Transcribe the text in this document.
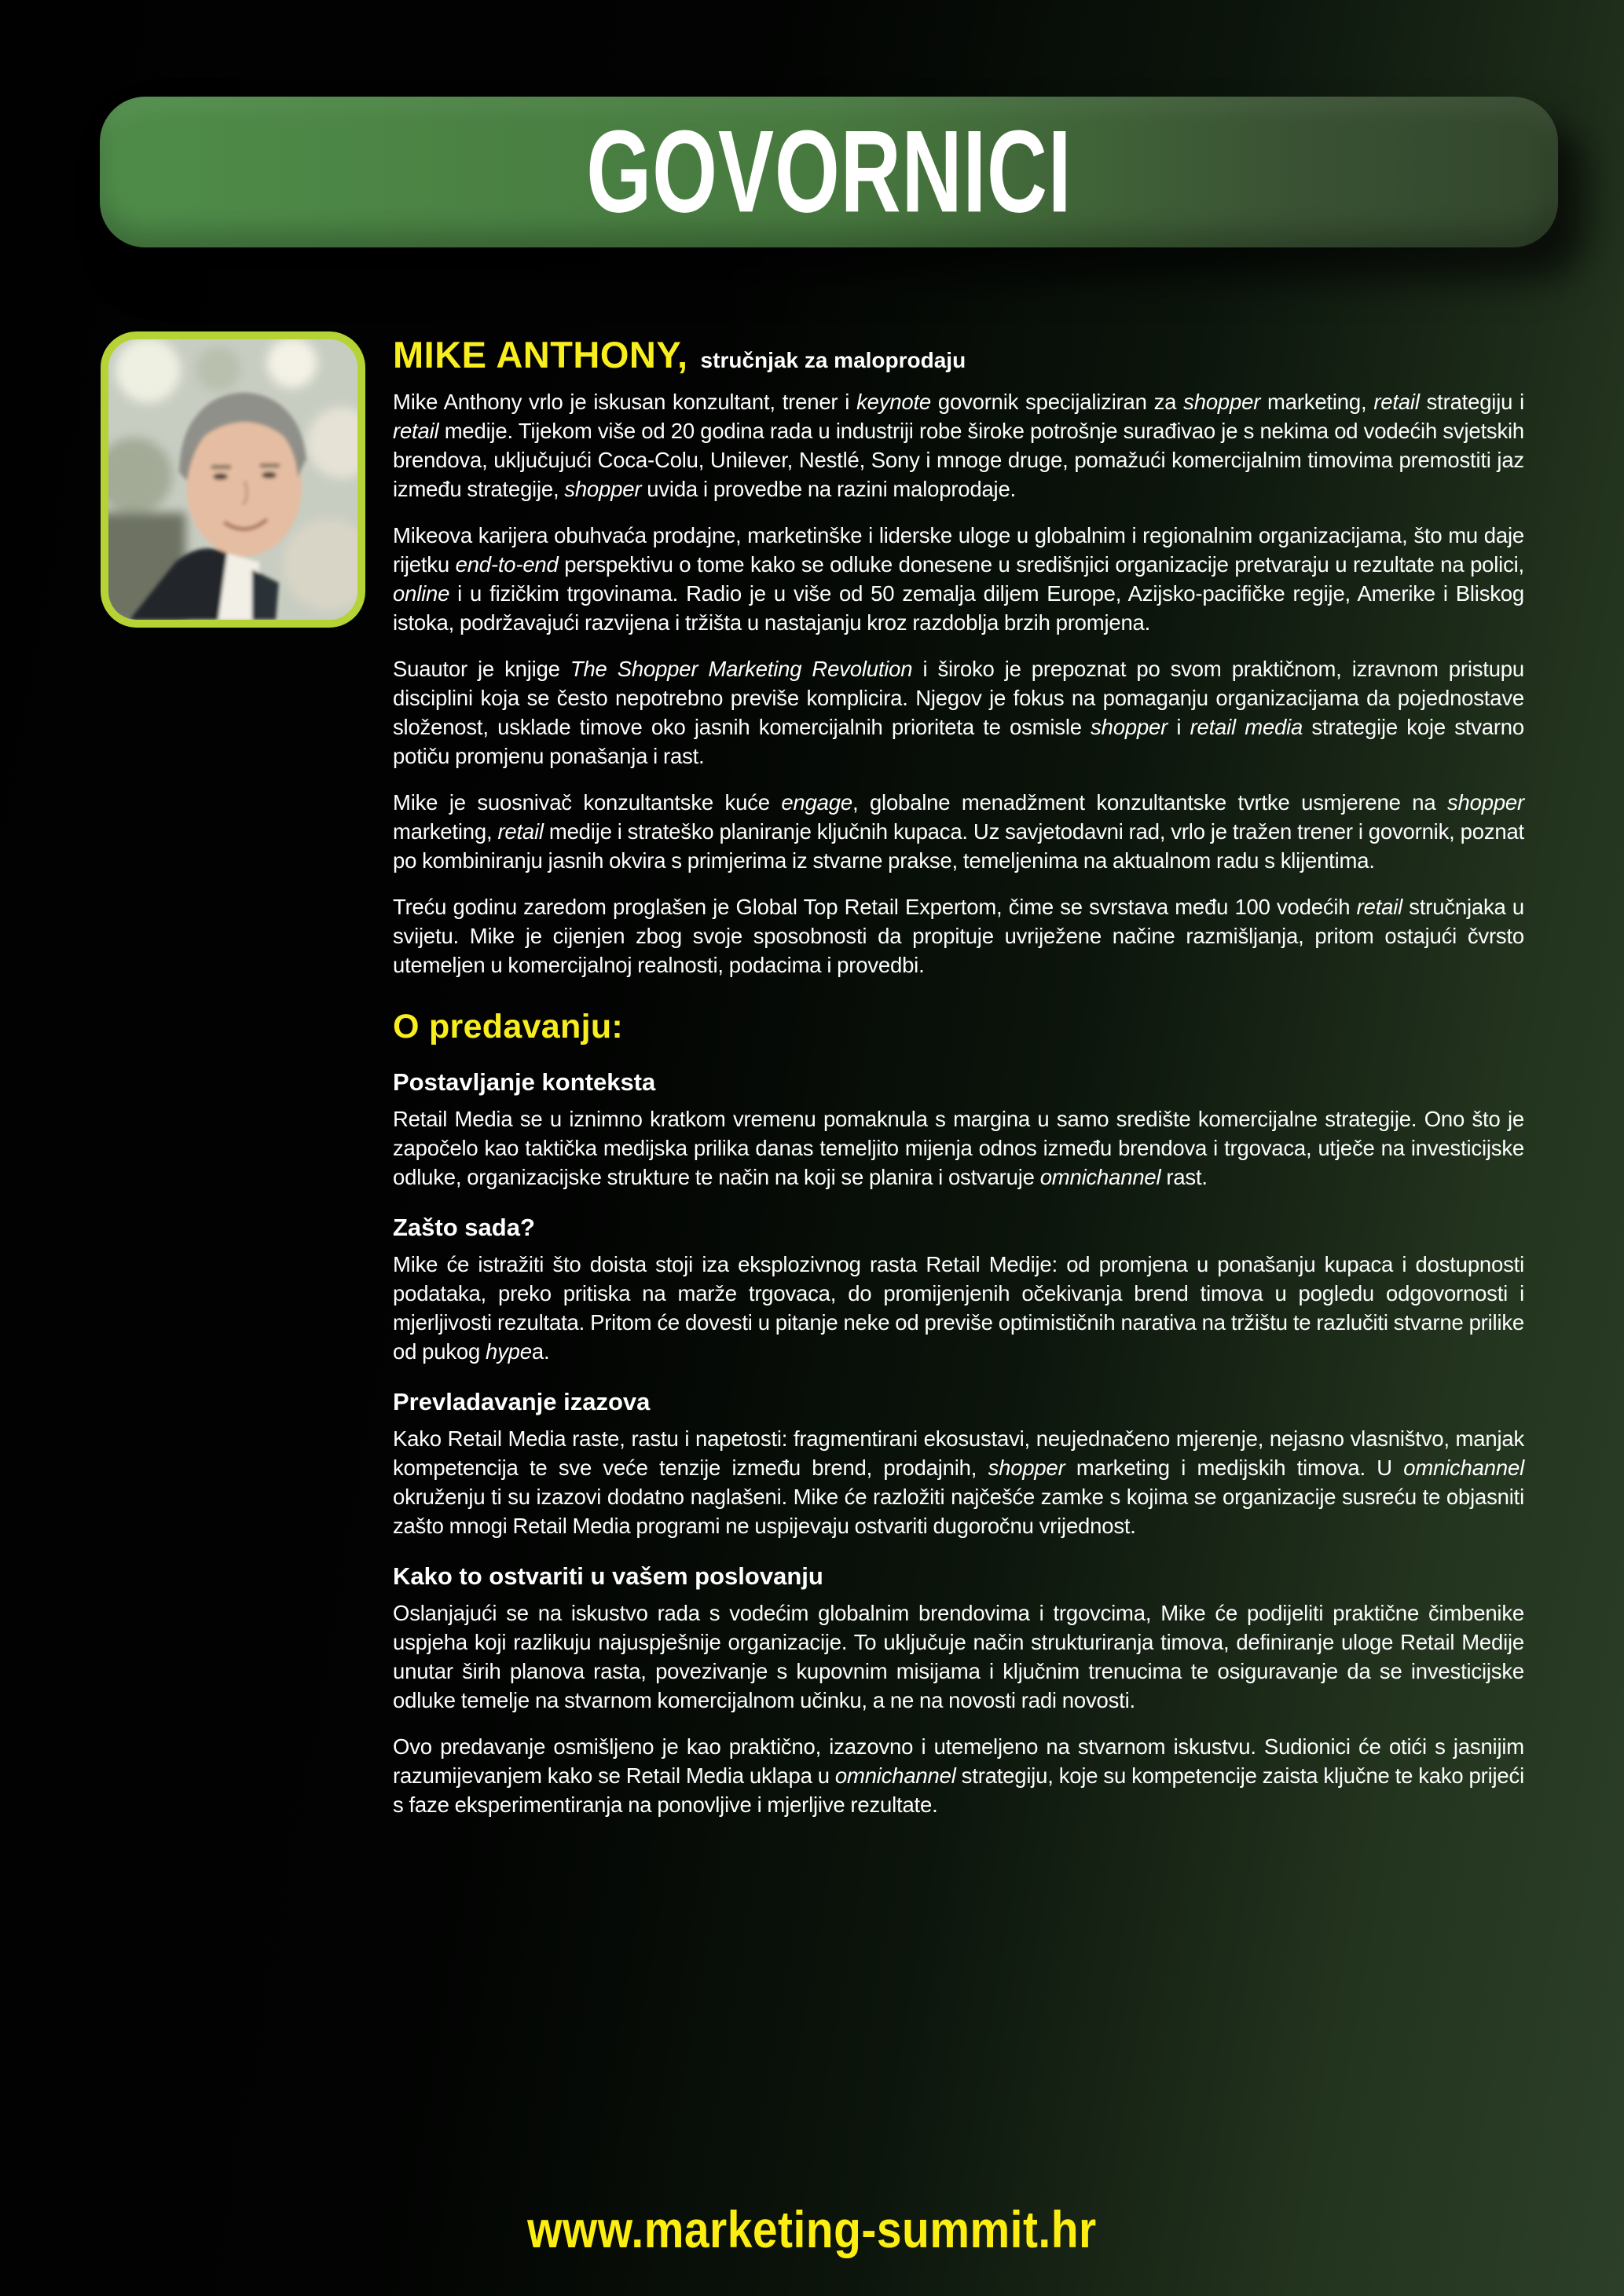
GOVORNICI
MIKE ANTHONY, stručnjak za maloprodaju

Mike Anthony vrlo je iskusan konzultant, trener i keynote govornik specijaliziran za shopper marketing, retail strategiju i retail medije. Tijekom više od 20 godina rada u industriji robe široke potrošnje surađivao je s nekima od vodećih svjetskih brendova, uključujući Coca-Colu, Unilever, Nestlé, Sony i mnoge druge, pomažući komercijalnim timovima premostiti jaz između strategije, shopper uvida i provedbe na razini maloprodaje.

Mikeova karijera obuhvaća prodajne, marketinške i liderske uloge u globalnim i regionalnim organizacijama, što mu daje rijetku end-to-end perspektivu o tome kako se odluke donesene u središnjici organizacije pretvaraju u rezultate na polici, online i u fizičkim trgovinama. Radio je u više od 50 zemalja diljem Europe, Azijsko-pacifičke regije, Amerike i Bliskog istoka, podržavajući razvijena i tržišta u nastajanju kroz razdoblja brzih promjena.

Suautor je knjige The Shopper Marketing Revolution i široko je prepoznat po svom praktičnom, izravnom pristupu disciplini koja se često nepotrebno previše komplicira. Njegov je fokus na pomaganju organizacijama da pojednostave složenost, usklade timove oko jasnih komercijalnih prioriteta te osmisle shopper i retail media strategije koje stvarno potiču promjenu ponašanja i rast.

Mike je suosnivač konzultantske kuće engage, globalne menadžment konzultantske tvrtke usmjerene na shopper marketing, retail medije i strateško planiranje ključnih kupaca. Uz savjetodavni rad, vrlo je tražen trener i govornik, poznat po kombiniranju jasnih okvira s primjerima iz stvarne prakse, temeljenima na aktualnom radu s klijentima.

Treću godinu zaredom proglašen je Global Top Retail Expertom, čime se svrstava među 100 vodećih retail stručnjaka u svijetu. Mike je cijenjen zbog svoje sposobnosti da propituje uvriježene načine razmišljanja, pritom ostajući čvrsto utemeljen u komercijalnoj realnosti, podacima i provedbi.

O predavanju:
Postavljanje konteksta

Retail Media se u iznimno kratkom vremenu pomaknula s margina u samo središte komercijalne strategije. Ono što je započelo kao taktička medijska prilika danas temeljito mijenja odnos između brendova i trgovaca, utječe na investicijske odluke, organizacijske strukture te način na koji se planira i ostvaruje omnichannel rast.

Zašto sada?

Mike će istražiti što doista stoji iza eksplozivnog rasta Retail Medije: od promjena u ponašanju kupaca i dostupnosti podataka, preko pritiska na marže trgovaca, do promijenjenih očekivanja brend timova u pogledu odgovornosti i mjerljivosti rezultata. Pritom će dovesti u pitanje neke od previše optimističnih narativa na tržištu te razlučiti stvarne prilike od pukog hypea.

Prevladavanje izazova

Kako Retail Media raste, rastu i napetosti: fragmentirani ekosustavi, neujednačeno mjerenje, nejasno vlasništvo, manjak kompetencija te sve veće tenzije između brend, prodajnih, shopper marketing i medijskih timova. U omnichannel okruženju ti su izazovi dodatno naglašeni. Mike će razložiti najčešće zamke s kojima se organizacije susreću te objasniti zašto mnogi Retail Media programi ne uspijevaju ostvariti dugoročnu vrijednost.

Kako to ostvariti u vašem poslovanju

Oslanjajući se na iskustvo rada s vodećim globalnim brendovima i trgovcima, Mike će podijeliti praktične čimbenike uspjeha koji razlikuju najuspješnije organizacije. To uključuje način strukturiranja timova, definiranje uloge Retail Medije unutar širih planova rasta, povezivanje s kupovnim misijama i ključnim trenucima te osiguravanje da se investicijske odluke temelje na stvarnom komercijalnom učinku, a ne na novosti radi novosti.

Ovo predavanje osmišljeno je kao praktično, izazovno i utemeljeno na stvarnom iskustvu. Sudionici će otići s jasnijim razumijevanjem kako se Retail Media uklapa u omnichannel strategiju, koje su kompetencije zaista ključne te kako prijeći s faze eksperimentiranja na ponovljive i mjerljive rezultate.

www.marketing-summit.hr
